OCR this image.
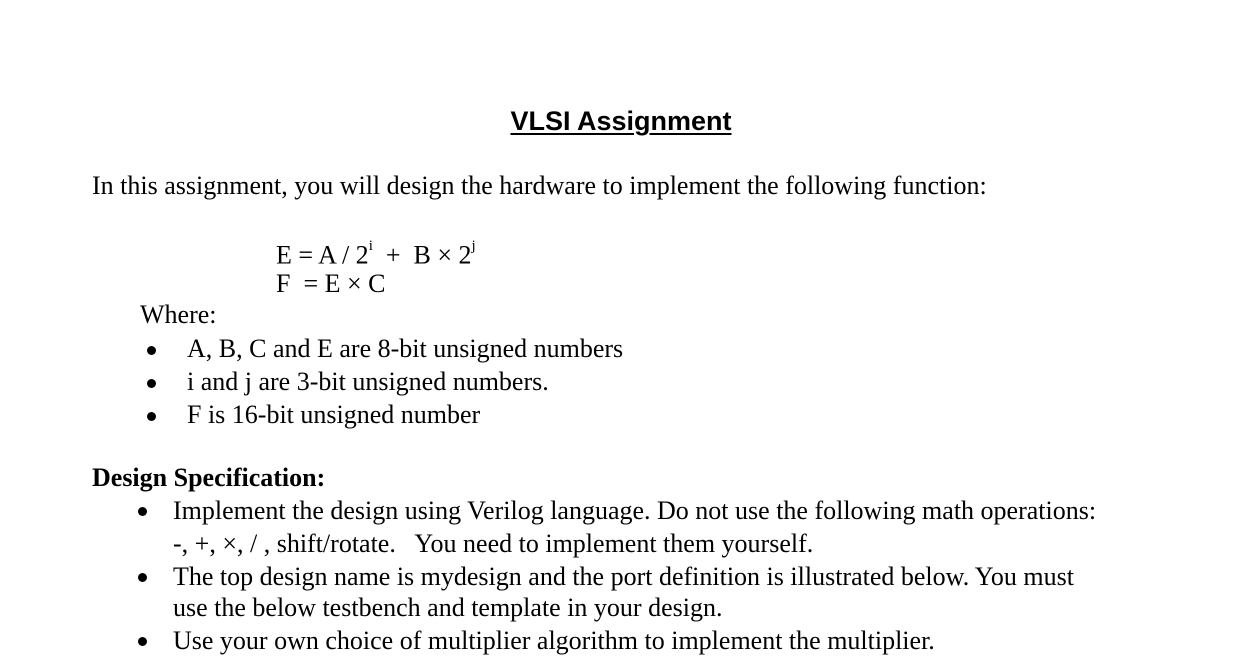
VLSI Assignment
In this assignment, you will design the hardware to implement the following function:
$E = A / 2^i + B \times 2^j$
F  = E × C
Where:
A, B, C and E are 8-bit unsigned numbers
i and j are 3-bit unsigned numbers.
F is 16-bit unsigned number
Design Specification:
Implement the design using Verilog language. Do not use the following math operations:
-, +, ×, / , shift/rotate.   You need to implement them yourself.
The top design name is mydesign and the port definition is illustrated below. You must
use the below testbench and template in your design.
Use your own choice of multiplier algorithm to implement the multiplier.
